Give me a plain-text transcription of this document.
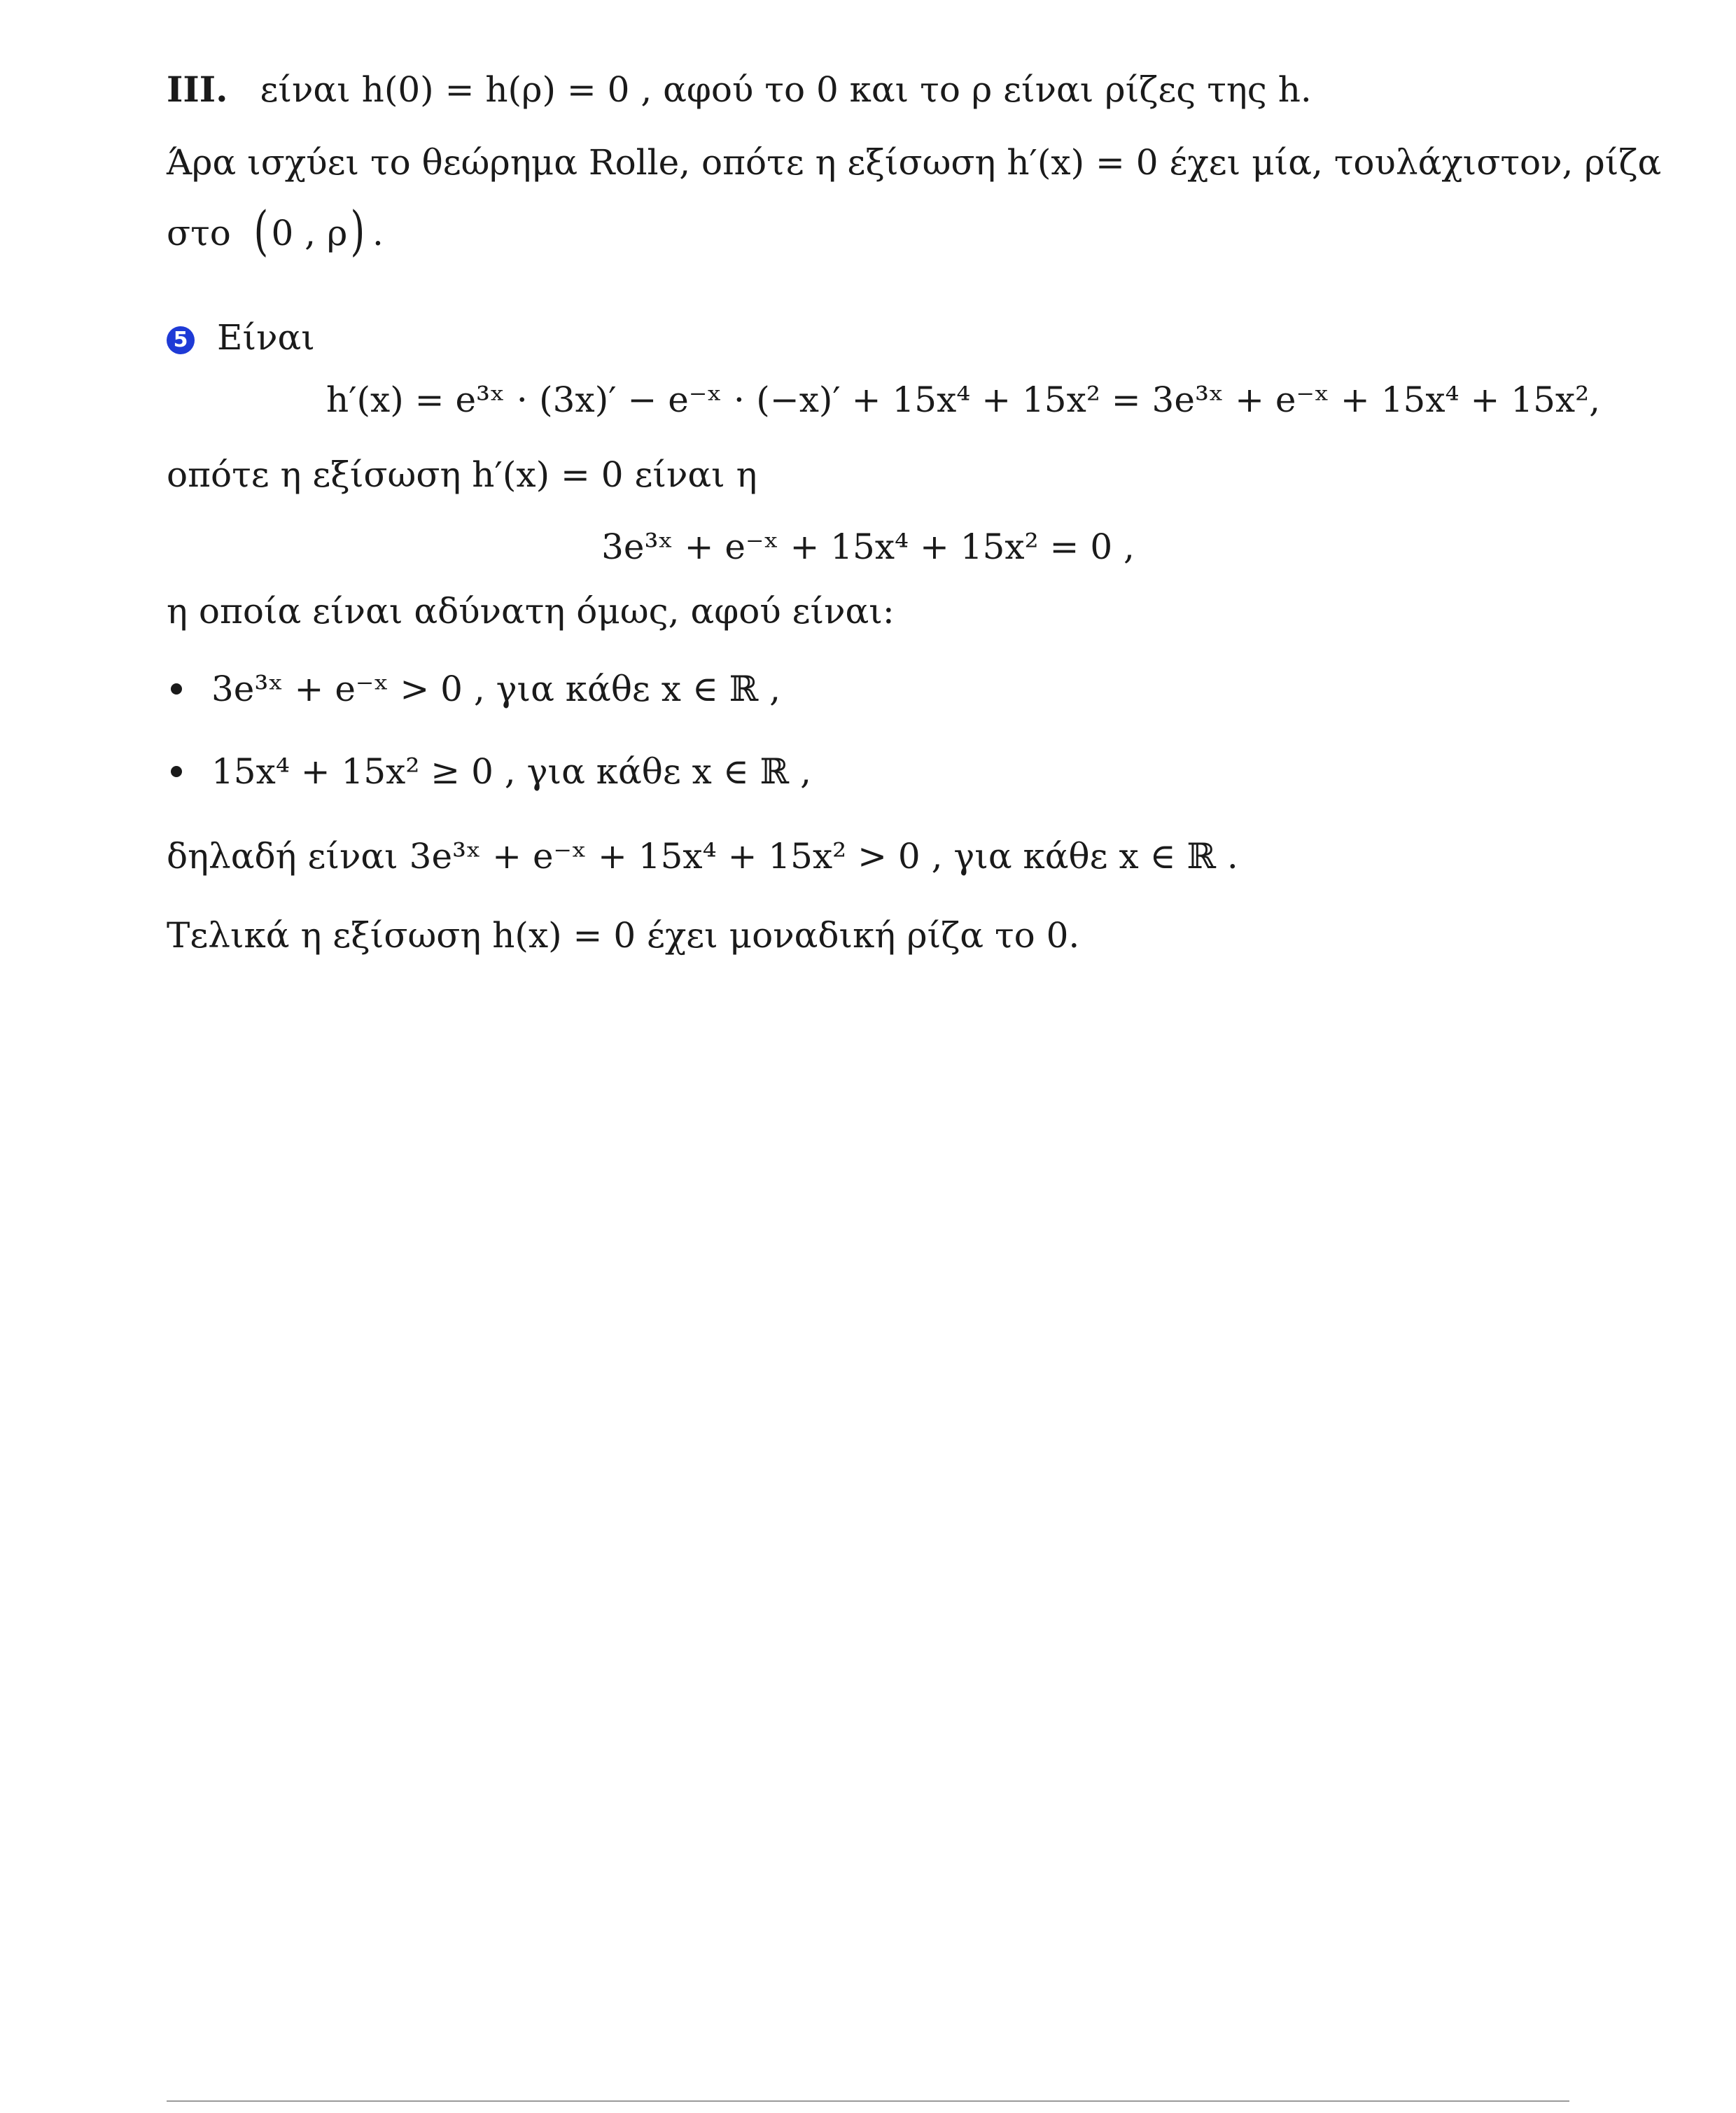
III. είναι h(0) = h(ρ) = 0 , αφού το 0 και το ρ είναι ρίζες της h.
Άρα ισχύει το θεώρημα Rolle, οπότε η εξίσωση h′(x) = 0 έχει μία, τουλάχιστον, ρίζα
στο (0 , ρ) .
5 Είναι
h′(x) = e³ˣ ⋅ (3x)′ − e⁻ˣ ⋅ (−x)′ + 15x⁴ + 15x² = 3e³ˣ + e⁻ˣ + 15x⁴ + 15x²,
οπότε η εξίσωση h′(x) = 0 είναι η
3e³ˣ + e⁻ˣ + 15x⁴ + 15x² = 0 ,
η οποία είναι αδύνατη όμως, αφού είναι:
3e³ˣ + e⁻ˣ > 0 , για κάθε x ∈ ℝ ,
15x⁴ + 15x² ≥ 0 , για κάθε x ∈ ℝ ,
δηλαδή είναι 3e³ˣ + e⁻ˣ + 15x⁴ + 15x² > 0 , για κάθε x ∈ ℝ .
Τελικά η εξίσωση h(x) = 0 έχει μοναδική ρίζα το 0.
